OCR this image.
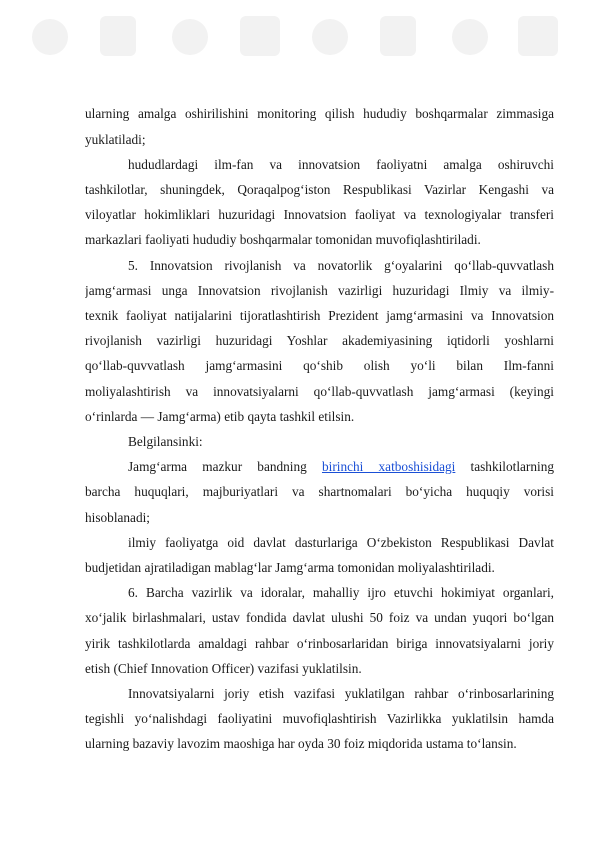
ularning amalga oshirilishini monitoring qilish hududiy boshqarmalar zimmasiga
yuklatiladi;
hududlardagi ilm-fan va innovatsion faoliyatni amalga oshiruvchi
tashkilotlar, shuningdek, Qoraqalpog‘iston Respublikasi Vazirlar Kengashi va
viloyatlar hokimliklari huzuridagi Innovatsion faoliyat va texnologiyalar transferi
markazlari faoliyati hududiy boshqarmalar tomonidan muvofiqlashtiriladi.
5. Innovatsion rivojlanish va novatorlik g‘oyalarini qo‘llab-quvvatlash
jamg‘armasi unga Innovatsion rivojlanish vazirligi huzuridagi Ilmiy va ilmiy-
texnik faoliyat natijalarini tijoratlashtirish Prezident jamg‘armasini va Innovatsion
rivojlanish vazirligi huzuridagi Yoshlar akademiyasining iqtidorli yoshlarni
qo‘llab-quvvatlash jamg‘armasini qo‘shib olish yo‘li bilan Ilm-fanni
moliyalashtirish va innovatsiyalarni qo‘llab-quvvatlash jamg‘armasi (keyingi
o‘rinlarda — Jamg‘arma) etib qayta tashkil etilsin.
Belgilansinki:
Jamg‘arma mazkur bandning birinchi xatboshisidagi tashkilotlarning
barcha huquqlari, majburiyatlari va shartnomalari bo‘yicha huquqiy vorisi
hisoblanadi;
ilmiy faoliyatga oid davlat dasturlariga O‘zbekiston Respublikasi Davlat
budjetidan ajratiladigan mablag‘lar Jamg‘arma tomonidan moliyalashtiriladi.
6. Barcha vazirlik va idoralar, mahalliy ijro etuvchi hokimiyat organlari,
xo‘jalik birlashmalari, ustav fondida davlat ulushi 50 foiz va undan yuqori bo‘lgan
yirik tashkilotlarda amaldagi rahbar o‘rinbosarlaridan biriga innovatsiyalarni joriy
etish (Chief Innovation Officer) vazifasi yuklatilsin.
Innovatsiyalarni joriy etish vazifasi yuklatilgan rahbar o‘rinbosarlarining
tegishli yo‘nalishdagi faoliyatini muvofiqlashtirish Vazirlikka yuklatilsin hamda
ularning bazaviy lavozim maoshiga har oyda 30 foiz miqdorida ustama to‘lansin.
